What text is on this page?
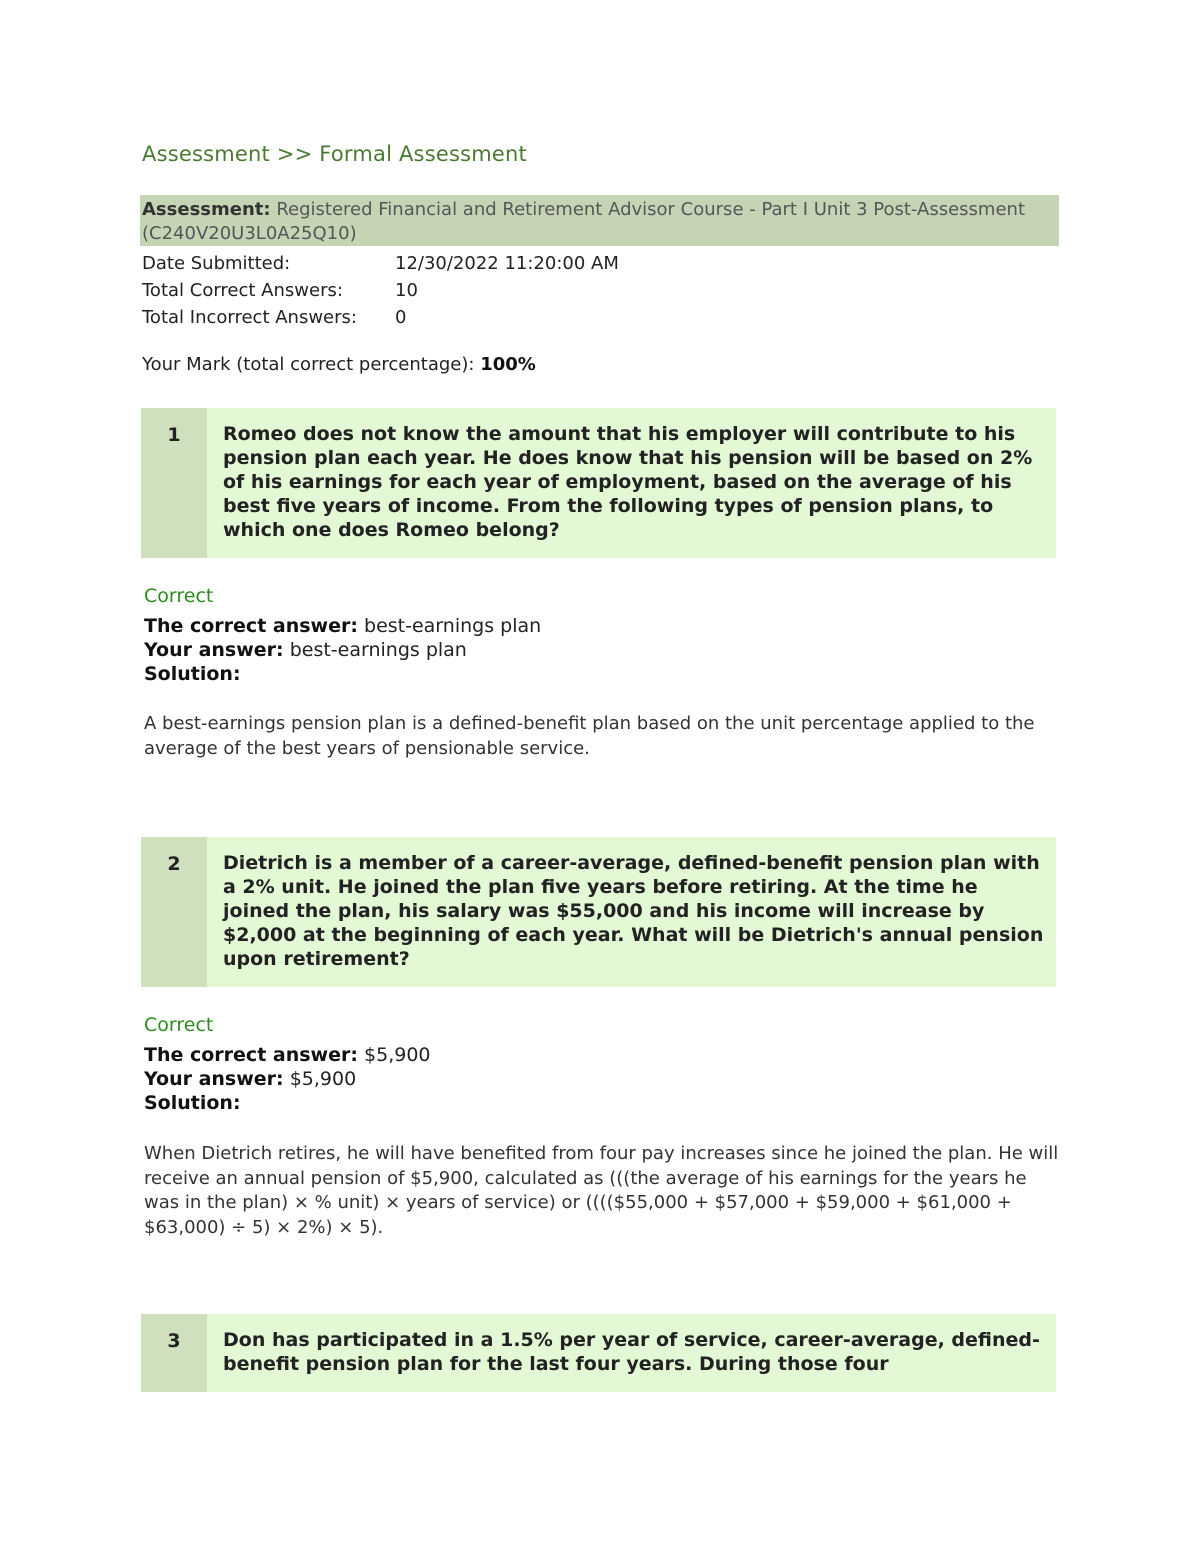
Assessment >> Formal Assessment
Assessment: Registered Financial and Retirement Advisor Course - Part I Unit 3 Post-Assessment (C240V20U3L0A25Q10)
Date Submitted:	12/30/2022 11:20:00 AM
Total Correct Answers:	10
Total Incorrect Answers:	0
Your Mark (total correct percentage): 100%
1	Romeo does not know the amount that his employer will contribute to his pension plan each year. He does know that his pension will be based on 2% of his earnings for each year of employment, based on the average of his best five years of income. From the following types of pension plans, to which one does Romeo belong?
Correct
The correct answer: best-earnings plan
Your answer: best-earnings plan
Solution:
A best-earnings pension plan is a defined-benefit plan based on the unit percentage applied to the average of the best years of pensionable service.
2	Dietrich is a member of a career-average, defined-benefit pension plan with a 2% unit. He joined the plan five years before retiring. At the time he joined the plan, his salary was $55,000 and his income will increase by $2,000 at the beginning of each year. What will be Dietrich's annual pension upon retirement?
Correct
The correct answer: $5,900
Your answer: $5,900
Solution:
When Dietrich retires, he will have benefited from four pay increases since he joined the plan. He will receive an annual pension of $5,900, calculated as (((the average of his earnings for the years he was in the plan) × % unit) × years of service) or (((($55,000 + $57,000 + $59,000 + $61,000 + $63,000) ÷ 5) × 2%) × 5).
3	Don has participated in a 1.5% per year of service, career-average, defined-benefit pension plan for the last four years. During those four
